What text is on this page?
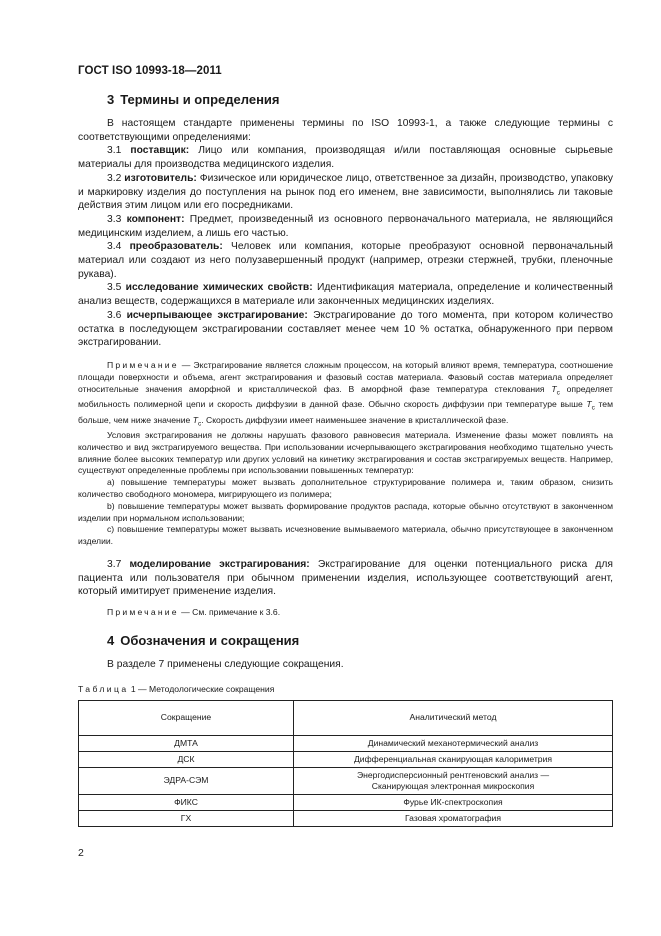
ГОСТ ISO 10993-18—2011
3 Термины и определения

В настоящем стандарте применены термины по ISO 10993-1, а также следующие термины с соответствующими определениями:

3.1 поставщик: Лицо или компания, производящая и/или поставляющая основные сырьевые материалы для производства медицинского изделия.

3.2 изготовитель: Физическое или юридическое лицо, ответственное за дизайн, производство, упаковку и маркировку изделия до поступления на рынок под его именем, вне зависимости, выполнялись ли таковые действия этим лицом или его посредниками.

3.3 компонент: Предмет, произведенный из основного первоначального материала, не являющийся медицинским изделием, а лишь его частью.

3.4 преобразователь: Человек или компания, которые преобразуют основной первоначальный материал или создают из него полузавершенный продукт (например, отрезки стержней, трубки, пленочные рукава).

3.5 исследование химических свойств: Идентификация материала, определение и количественный анализ веществ, содержащихся в материале или законченных медицинских изделиях.

3.6 исчерпывающее экстрагирование: Экстрагирование до того момента, при котором количество остатка в последующем экстрагировании составляет менее чем 10 % остатка, обнаруженного при первом экстрагировании.

Примечание — Экстрагирование является сложным процессом, на который влияют время, температура, соотношение площади поверхности и объема, агент экстрагирования и фазовый состав материала. Фазовый состав материала определяет относительные значения аморфной и кристаллической фаз. В аморфной фазе температура стеклования $T_c$ определяет мобильность полимерной цепи и скорость диффузии в данной фазе. Обычно скорость диффузии при температуре выше $T_c$ тем больше, чем ниже значение $T_c$. Скорость диффузии имеет наименьшее значение в кристаллической фазе.

Условия экстрагирования не должны нарушать фазового равновесия материала. Изменение фазы может повлиять на количество и вид экстрагируемого вещества. При использовании исчерпывающего экстрагирования необходимо тщательно учесть влияние более высоких температур или других условий на кинетику экстрагирования и состав экстрагируемых веществ. Например, существуют определенные проблемы при использовании повышенных температур:

a) повышение температуры может вызвать дополнительное структурирование полимера и, таким образом, снизить количество свободного мономера, мигрирующего из полимера;

b) повышение температуры может вызвать формирование продуктов распада, которые обычно отсутствуют в законченном изделии при нормальном использовании;

c) повышение температуры может вызвать исчезновение вымываемого материала, обычно присутствующее в законченном изделии.

3.7 моделирование экстрагирования: Экстрагирование для оценки потенциального риска для пациента или пользователя при обычном применении изделия, использующее соответствующий агент, который имитирует применение изделия.

Примечание — См. примечание к 3.6.

4 Обозначения и сокращения

В разделе 7 применены следующие сокращения.

Таблица 1 — Методологические сокращения
Сокращение	Аналитический метод
ДМТА	Динамический механотермический анализ
ДСК	Дифференциальная сканирующая калориметрия
ЭДРА-СЭМ	Энергодисперсионный рентгеновский анализ —
Сканирующая электронная микроскопия
ФИКС	Фурье ИК-спектроскопия
ГХ	Газовая хроматография
2
